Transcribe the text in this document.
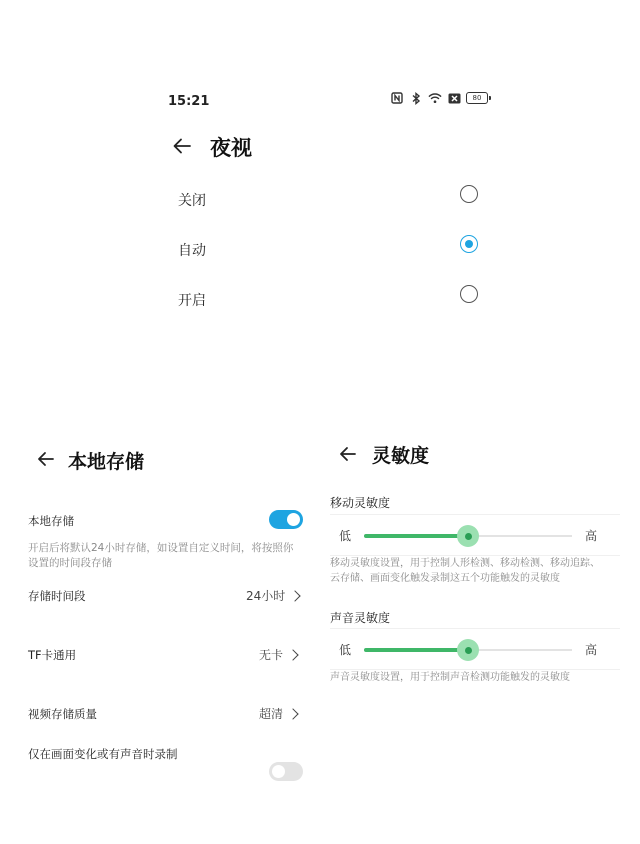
15:21	80
夜视
关闭
自动
开启
本地存储
本地存储
开启后将默认24小时存储，如设置自定义时间，将按照你
设置的时间段存储
存储时间段	24小时
TF卡通用	无卡
视频存储质量	超清
仅在画面变化或有声音时录制
灵敏度
移动灵敏度
低	高
移动灵敏度设置，用于控制人形检测、移动检测、移动追踪、
云存储、画面变化触发录制这五个功能触发的灵敏度
声音灵敏度
低	高
声音灵敏度设置，用于控制声音检测功能触发的灵敏度
